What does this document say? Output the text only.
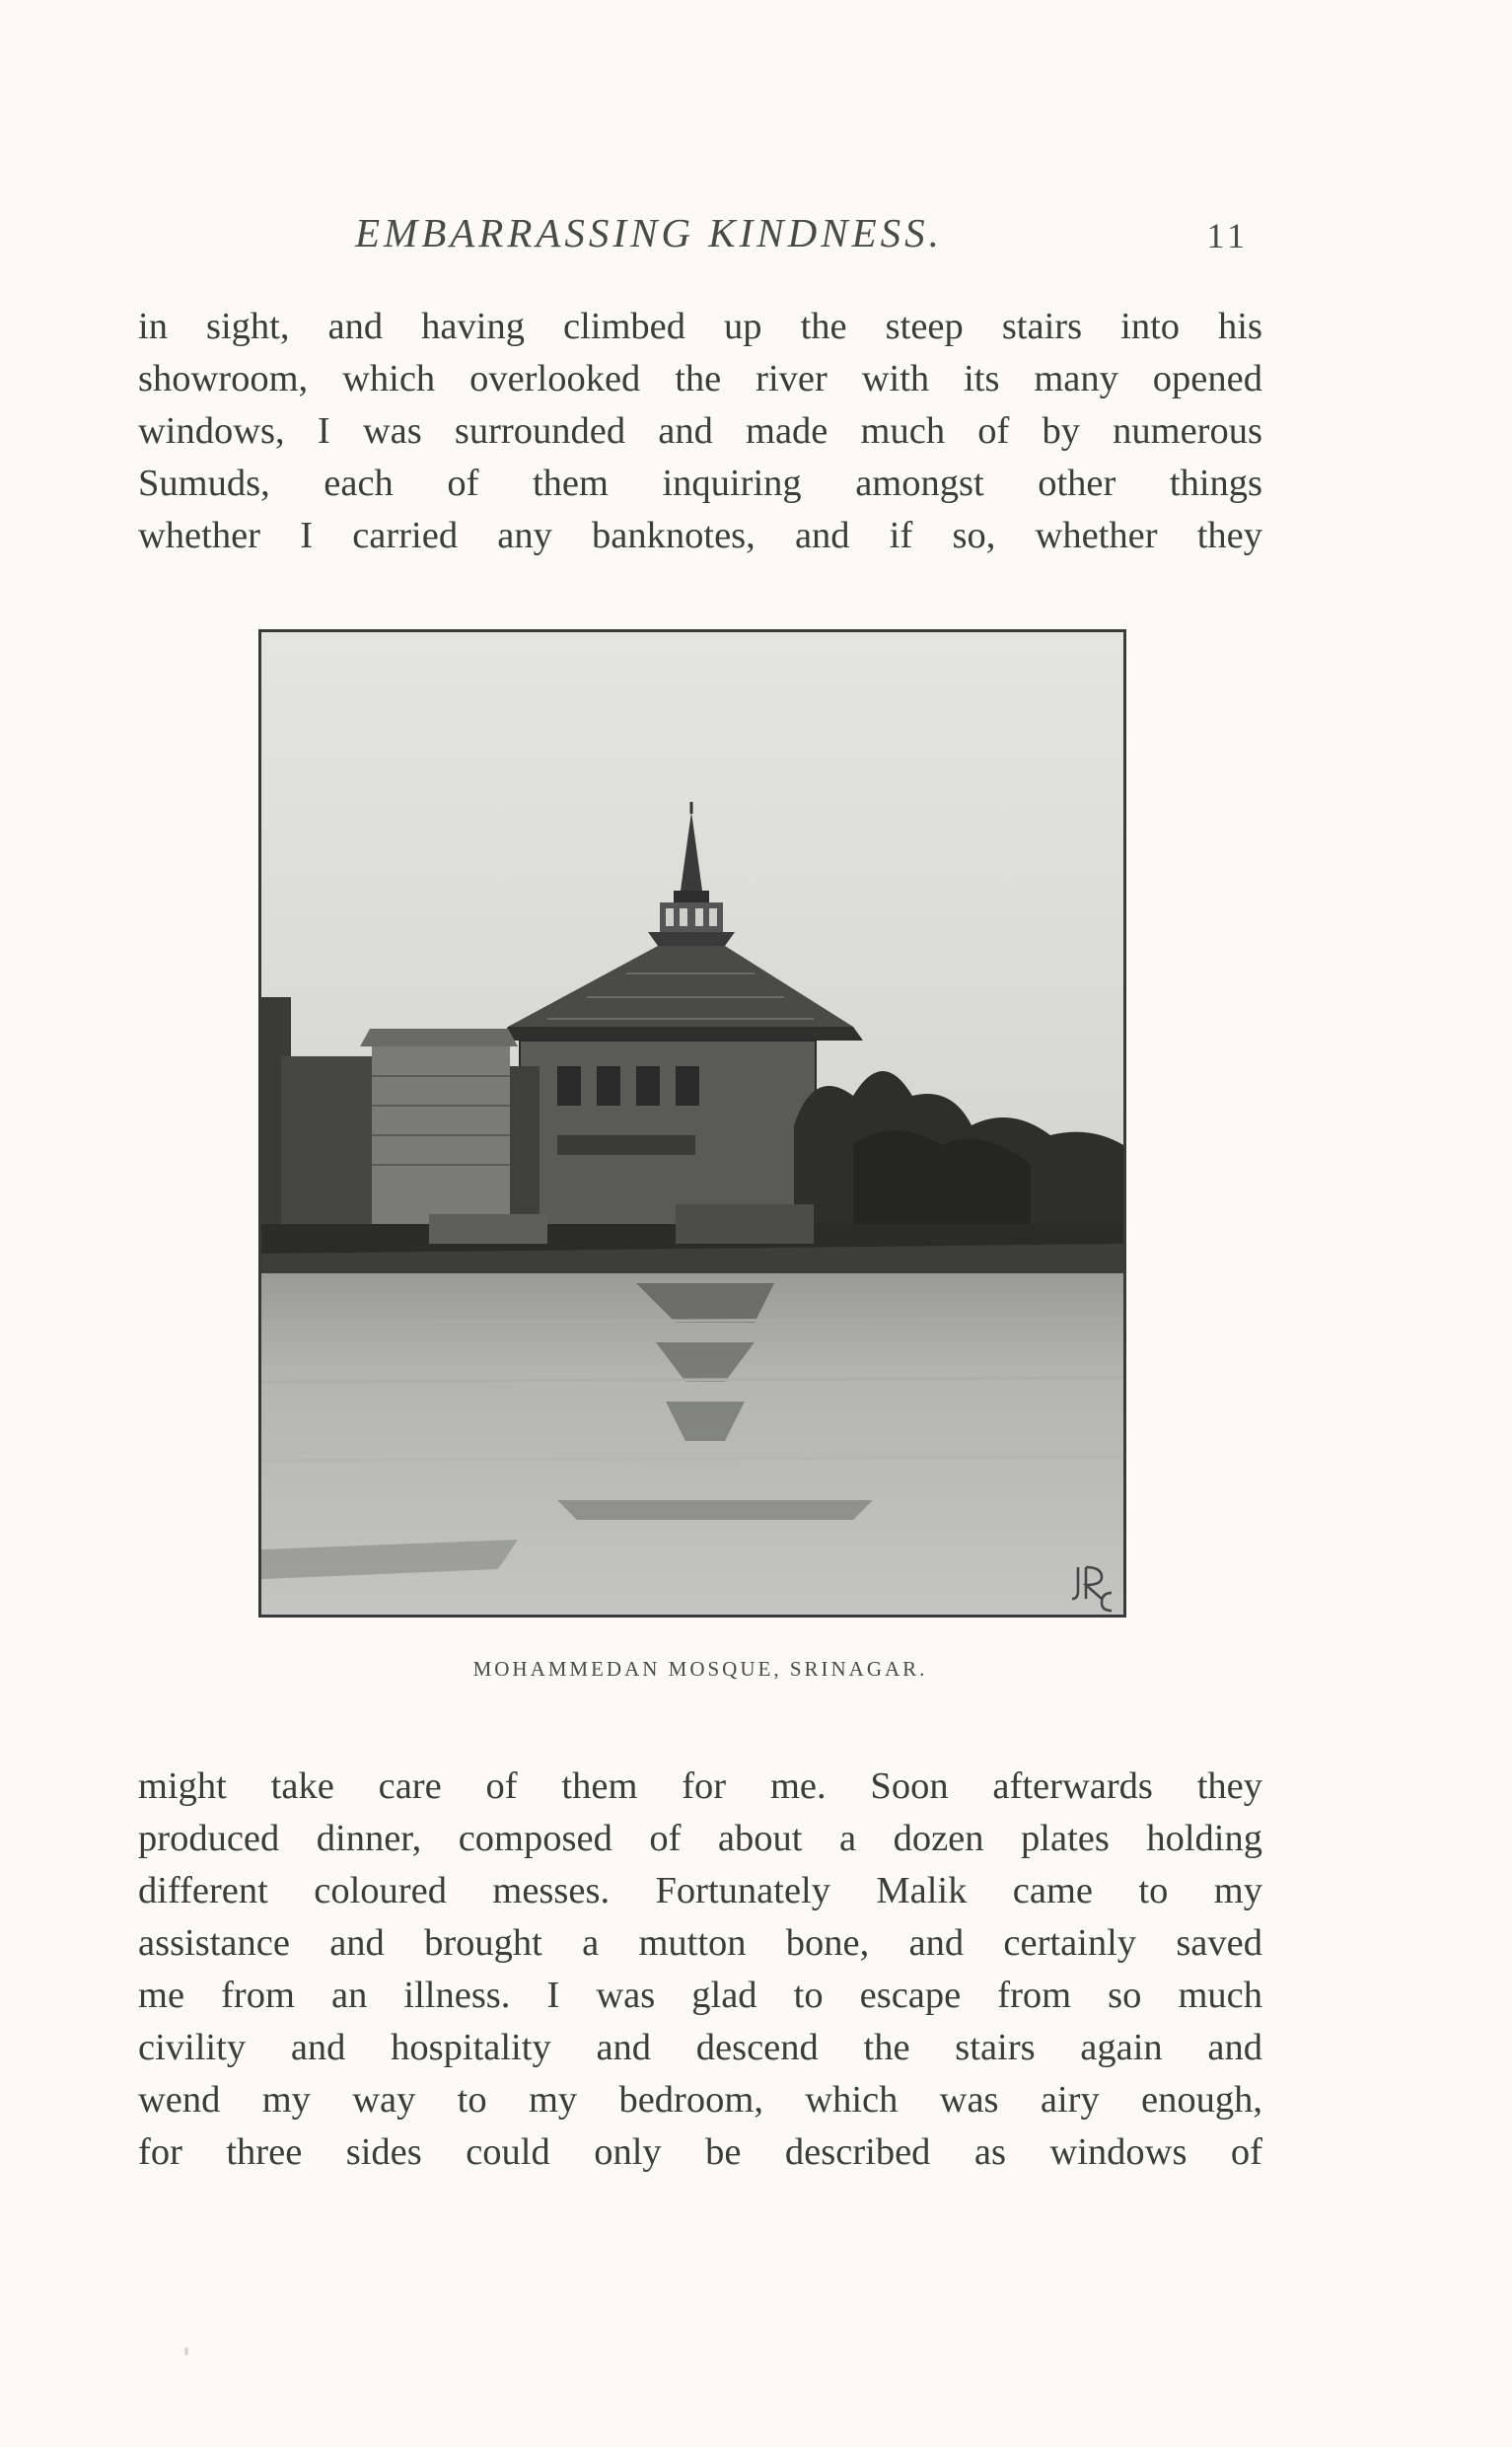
EMBARRASSING KINDNESS.	11
in sight, and having climbed up the steep stairs into his
showroom, which overlooked the river with its many opened
windows, I was surrounded and made much of by numerous
Sumuds, each of them inquiring amongst other things
whether I carried any banknotes, and if so, whether they
MOHAMMEDAN MOSQUE, SRINAGAR.
might take care of them for me. Soon afterwards they
produced dinner, composed of about a dozen plates holding
different coloured messes. Fortunately Malik came to my
assistance and brought a mutton bone, and certainly saved
me from an illness. I was glad to escape from so much
civility and hospitality and descend the stairs again and
wend my way to my bedroom, which was airy enough,
for three sides could only be described as windows of
